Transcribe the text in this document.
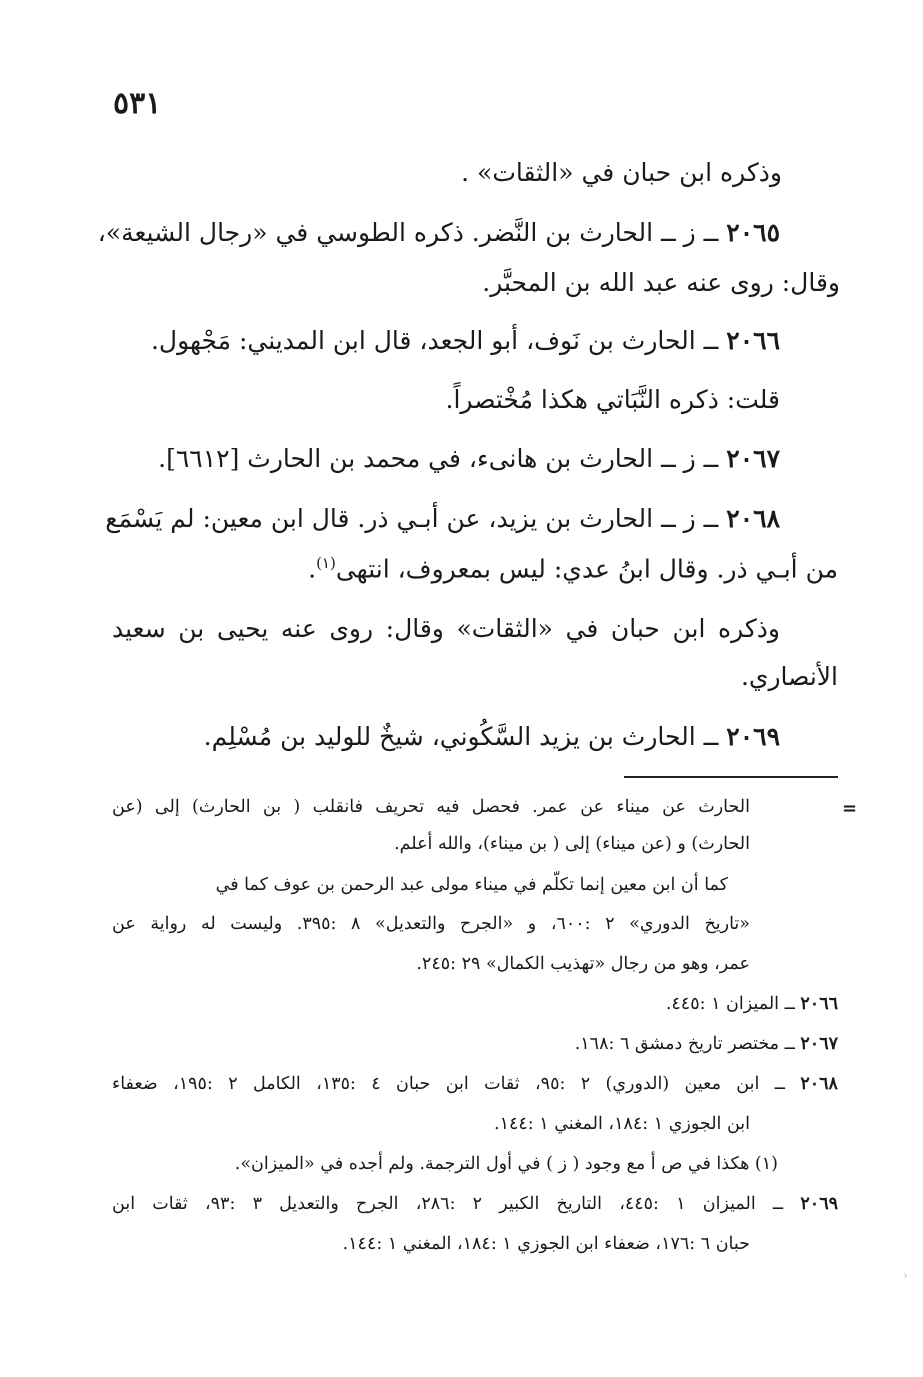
٥٣١
وذكره ابن حبان في «الثقات» .
٢٠٦٥ ــ ز ــ الحارث بن النَّضر. ذكره الطوسي في «رجال الشيعة»،
وقال: روى عنه عبد الله بن المحبَّر.
٢٠٦٦ ــ الحارث بن نَوف، أبو الجعد، قال ابن المديني: مَجْهول.
قلت: ذكره النَّبَاتي هكذا مُخْتصراً.
٢٠٦٧ ــ ز ــ الحارث بن هانىء، في محمد بن الحارث [٦٦١٢].
٢٠٦٨ ــ ز ــ الحارث بن يزيد، عن أبـي ذر. قال ابن معين: لم يَسْمَع
من أبـي ذر. وقال ابنُ عدي: ليس بمعروف، انتهى$^{(١)}$.
وذكره ابن حبان في «الثقات» وقال: روى عنه يحيى بن سعيد
الأنصاري.
٢٠٦٩ ــ الحارث بن يزيد السَّكُوني، شيخٌ للوليد بن مُسْلِم.
=
الحارث عن ميناء عن عمر. فحصل فيه تحريف فانقلب ( بن الحارث) إلى (عن
الحارث) و (عن ميناء) إلى ( بن ميناء)، والله أعلم.
كما أن ابن معين إنما تكلّم في ميناء مولى عبد الرحمن بن عوف كما في
«تاريخ الدوري» ٢ :٦٠٠، و «الجرح والتعديل» ٨ :٣٩٥. وليست له رواية عن
عمر، وهو من رجال «تهذيب الكمال» ٢٩ :٢٤٥.
٢٠٦٦ ــ الميزان ١ :٤٤٥.
٢٠٦٧ ــ مختصر تاريخ دمشق ٦ :١٦٨.
٢٠٦٨ ــ ابن معين (الدوري) ٢ :٩٥، ثقات ابن حبان ٤ :١٣٥، الكامل ٢ :١٩٥، ضعفاء
ابن الجوزي ١ :١٨٤، المغني ١ :١٤٤.
(١) هكذا في ص أ مع وجود ( ز ) في أول الترجمة. ولم أجده في «الميزان».
٢٠٦٩ ــ الميزان ١ :٤٤٥، التاريخ الكبير ٢ :٢٨٦، الجرح والتعديل ٣ :٩٣، ثقات ابن
حبان ٦ :١٧٦، ضعفاء ابن الجوزي ١ :١٨٤، المغني ١ :١٤٤.
›
